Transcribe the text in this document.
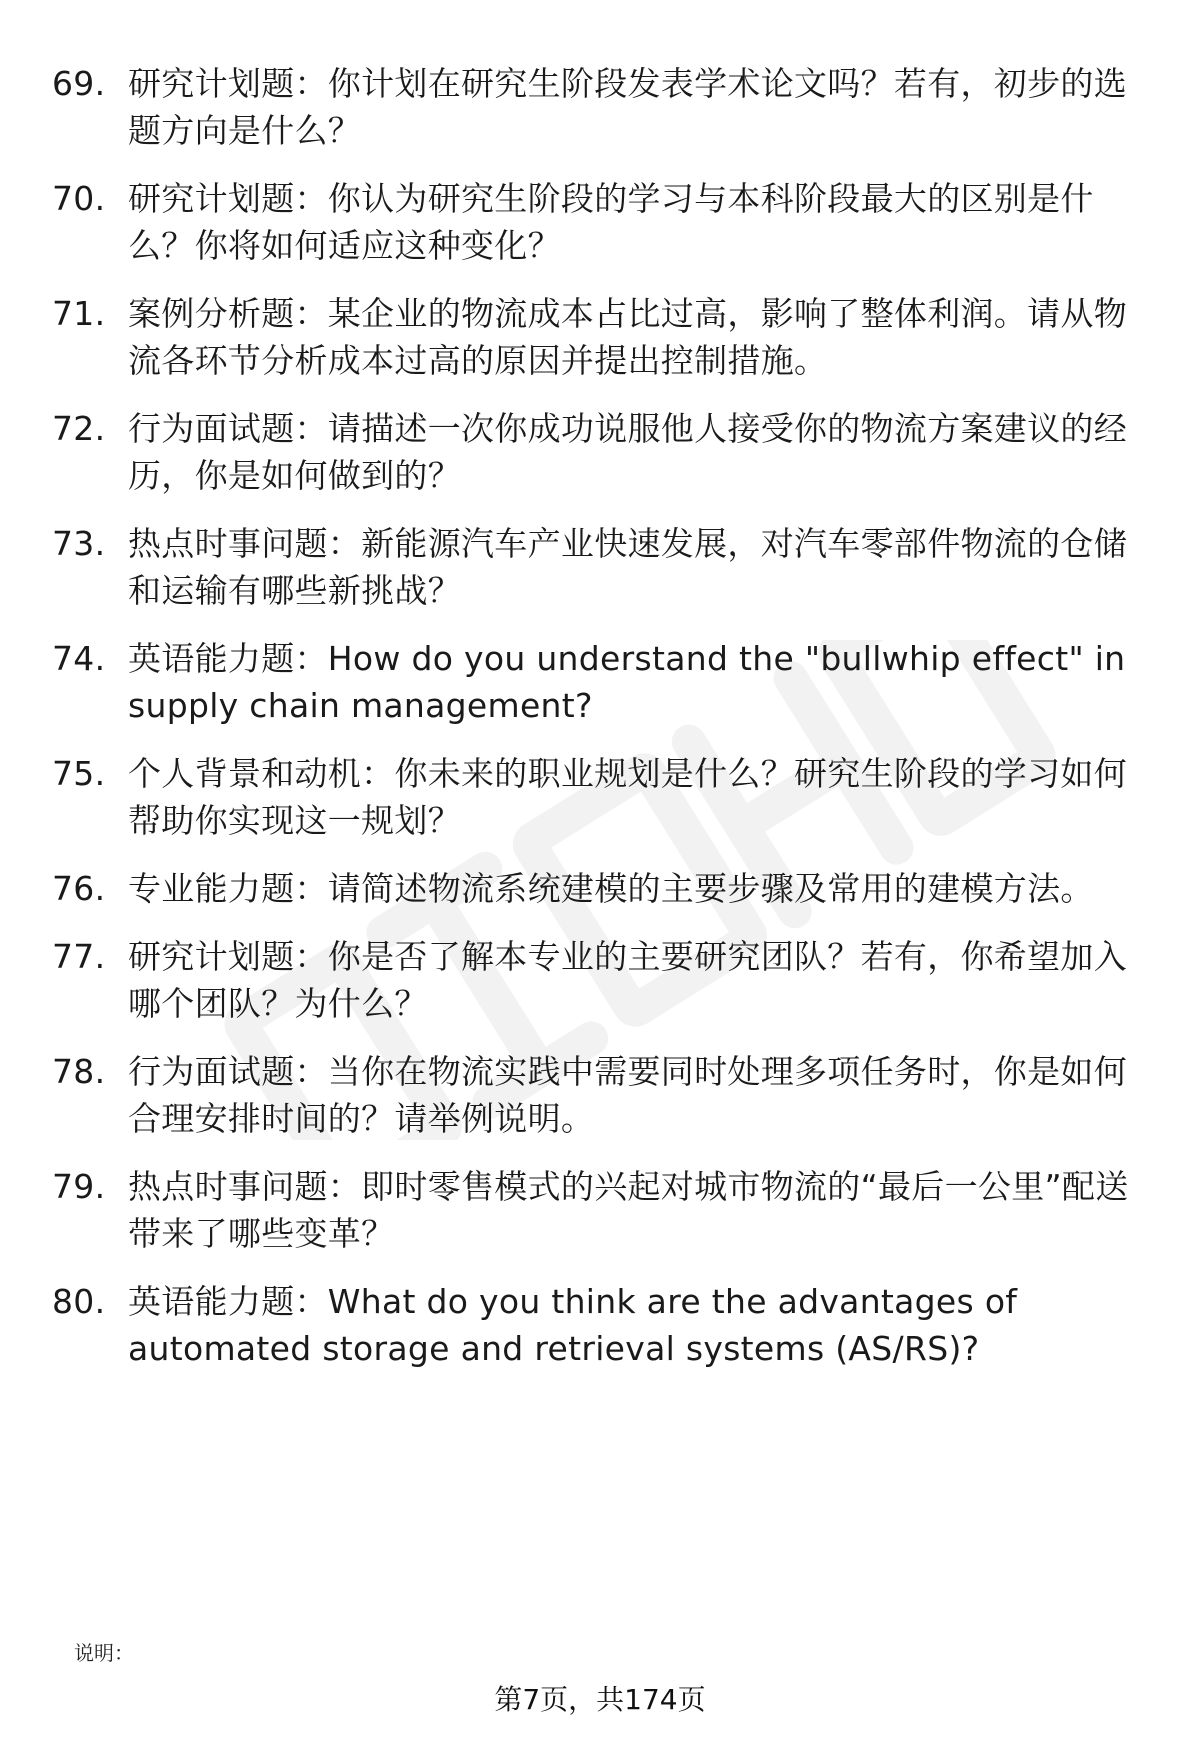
69. 研究计划题：你计划在研究生阶段发表学术论文吗？若有，初步的选题方向是什么？
70. 研究计划题：你认为研究生阶段的学习与本科阶段最大的区别是什么？你将如何适应这种变化？
71. 案例分析题：某企业的物流成本占比过高，影响了整体利润。请从物流各环节分析成本过高的原因并提出控制措施。
72. 行为面试题：请描述一次你成功说服他人接受你的物流方案建议的经历，你是如何做到的？
73. 热点时事问题：新能源汽车产业快速发展，对汽车零部件物流的仓储和运输有哪些新挑战？
74. 英语能力题：How do you understand the "bullwhip effect" in supply chain management?
75. 个人背景和动机：你未来的职业规划是什么？研究生阶段的学习如何帮助你实现这一规划？
76. 专业能力题：请简述物流系统建模的主要步骤及常用的建模方法。
77. 研究计划题：你是否了解本专业的主要研究团队？若有，你希望加入哪个团队？为什么？
78. 行为面试题：当你在物流实践中需要同时处理多项任务时，你是如何合理安排时间的？请举例说明。
79. 热点时事问题：即时零售模式的兴起对城市物流的“最后一公里”配送带来了哪些变革？
80. 英语能力题：What do you think are the advantages of automated storage and retrieval systems (AS/RS)?
说明：
第7页，共174页
